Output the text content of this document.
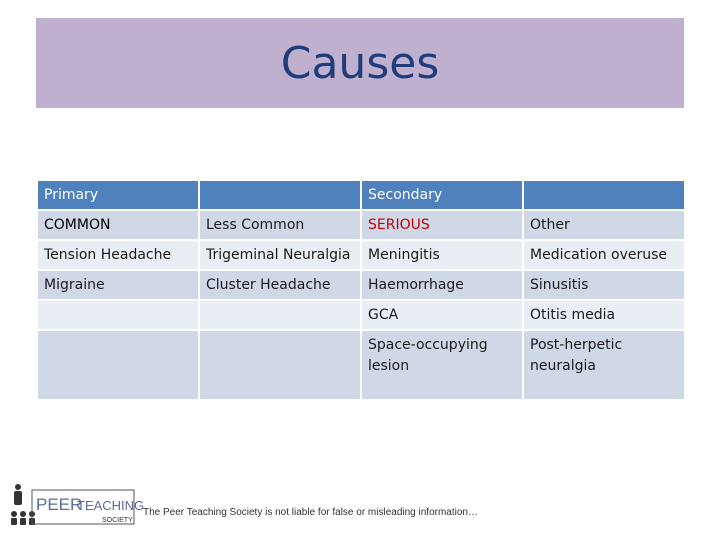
Causes
Primary		Secondary	
COMMON	Less Common	SERIOUS	Other
Tension Headache	Trigeminal Neuralgia	Meningitis	Medication overuse
Migraine	Cluster Headache	Haemorrhage	Sinusitis
		GCA	Otitis media
		Space-occupying lesion	Post-herpetic neuralgia
PEER
TEACHING
SOCIETY
The Peer Teaching Society is not liable for false or misleading information…
